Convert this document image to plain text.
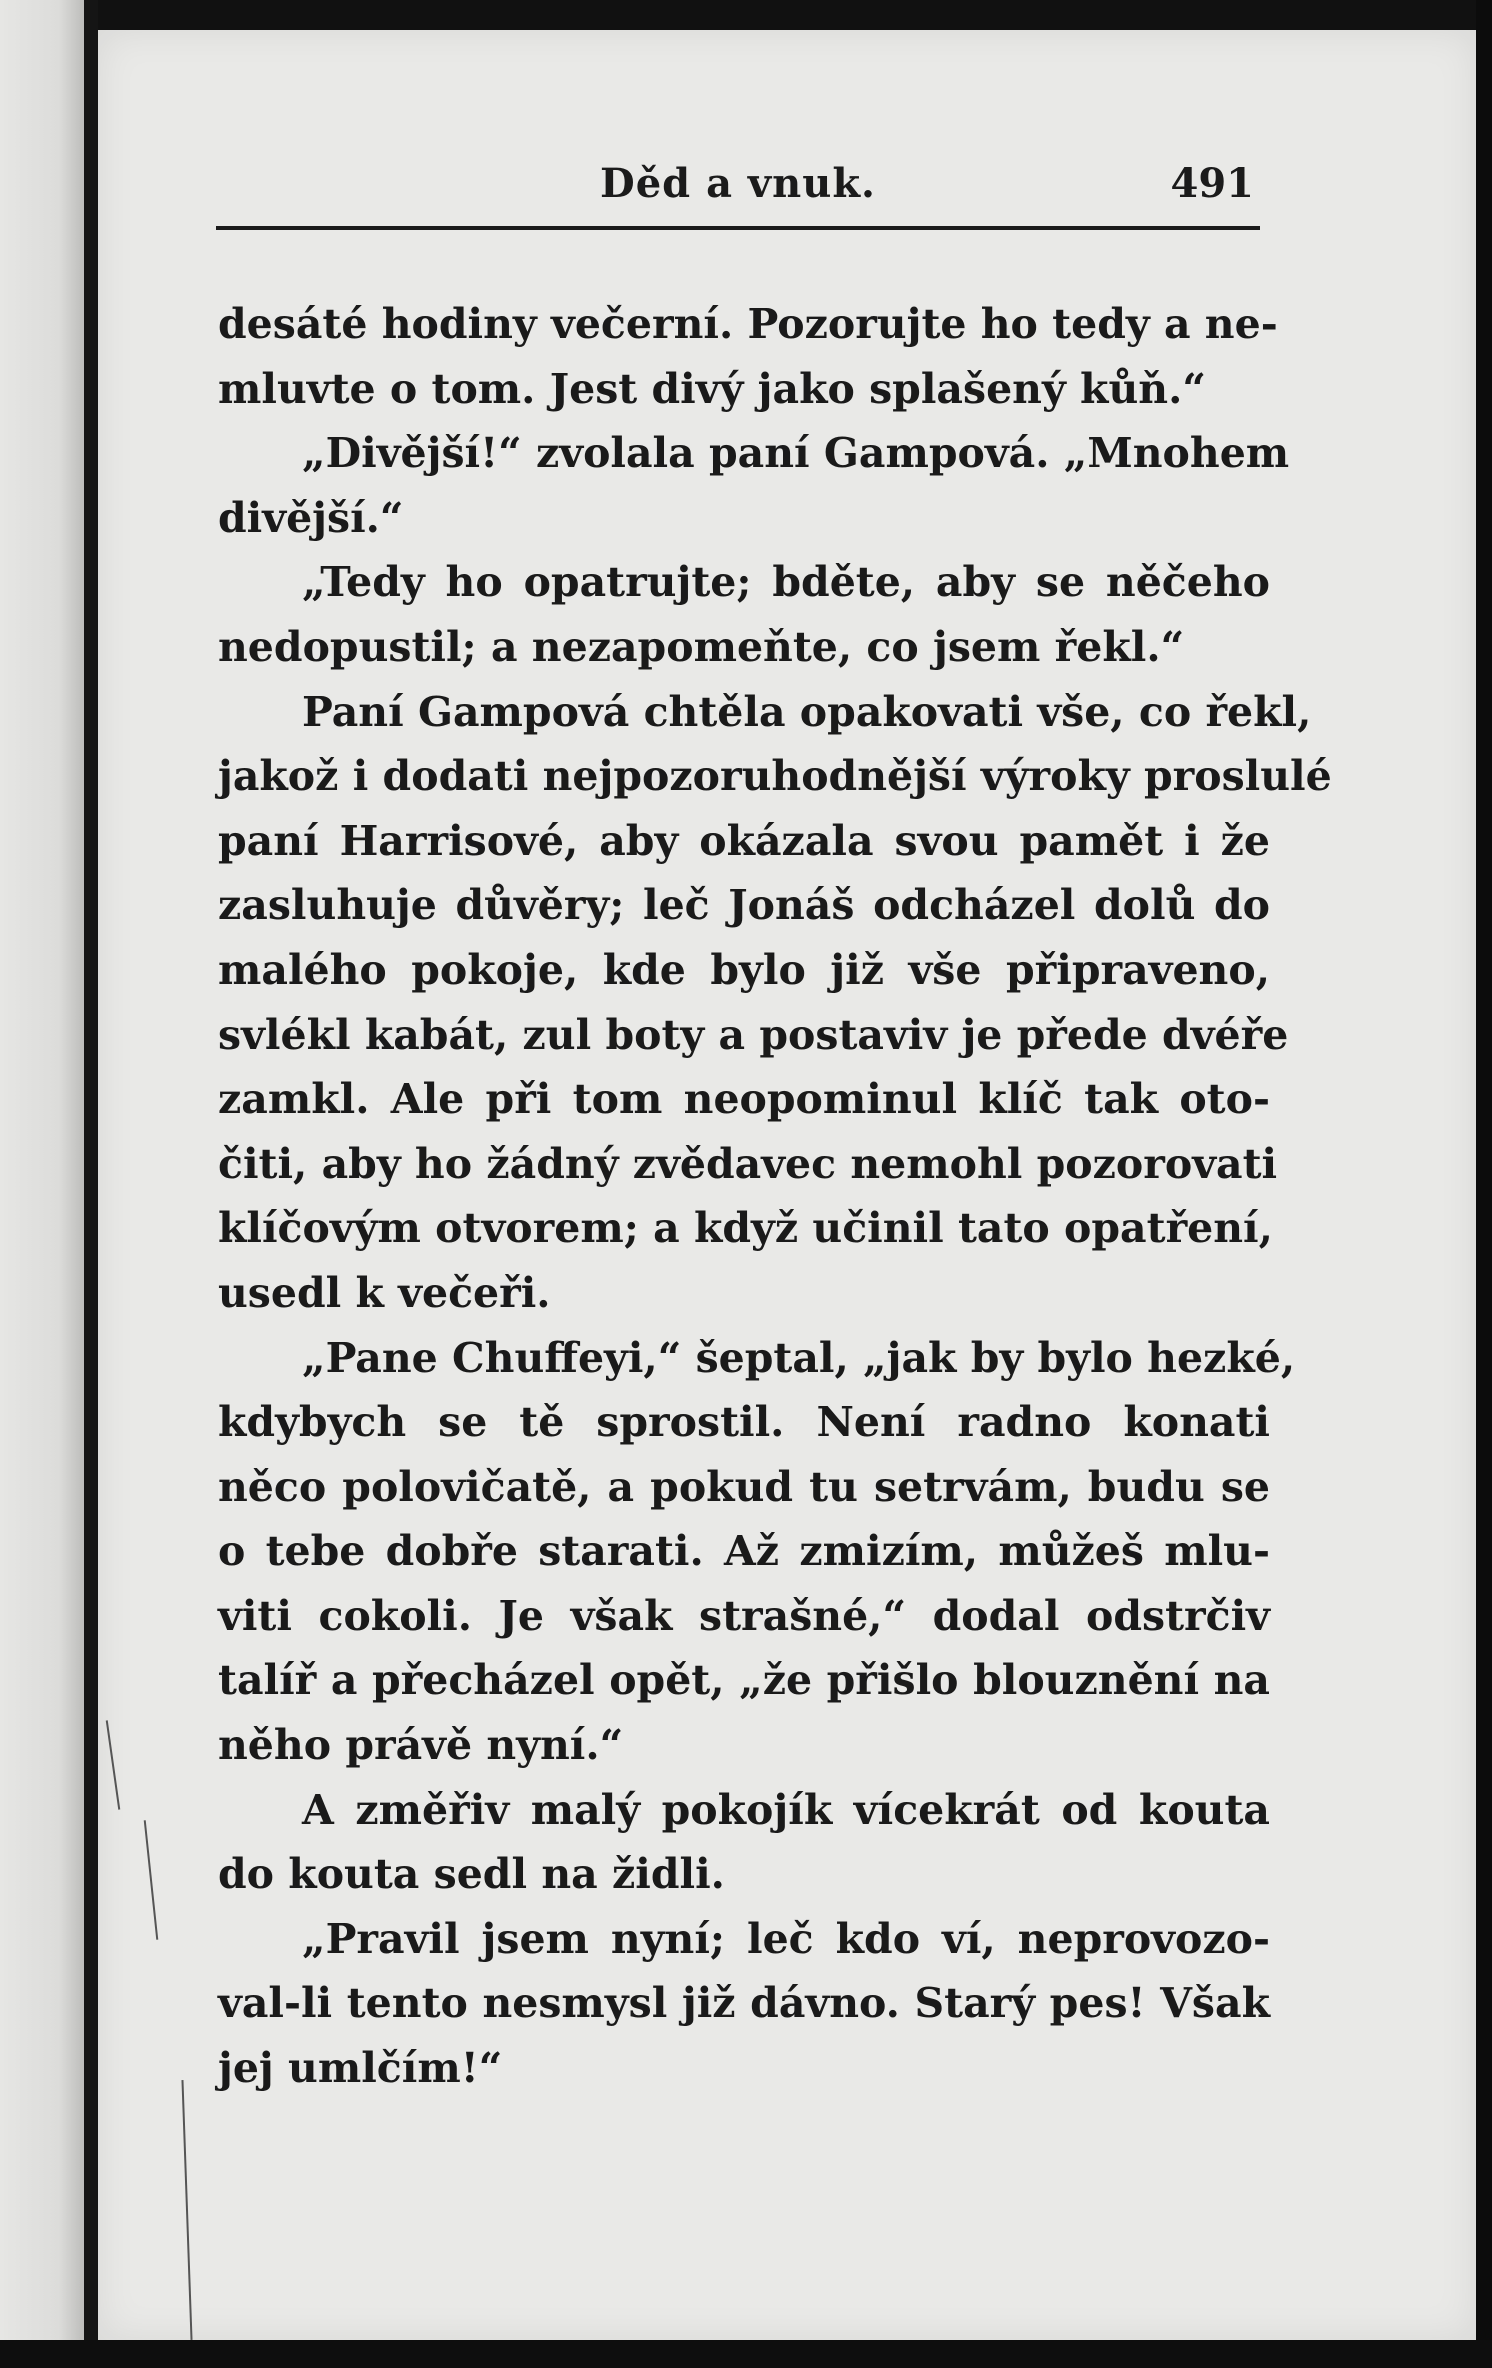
Děd a vnuk.	491
desáté hodiny večerní. Pozorujte ho tedy a ne-
mluvte o tom. Jest divý jako splašený kůň.“
„Divější!“ zvolala paní Gampová. „Mnohem
divější.“
„Tedy ho opatrujte; bděte, aby se něčeho
nedopustil; a nezapomeňte, co jsem řekl.“
Paní Gampová chtěla opakovati vše, co řekl,
jakož i dodati nejpozoruhodnější výroky proslulé
paní Harrisové, aby okázala svou pamět i že
zasluhuje důvěry; leč Jonáš odcházel dolů do
malého pokoje, kde bylo již vše připraveno,
svlékl kabát, zul boty a postaviv je přede dvéře
zamkl. Ale při tom neopominul klíč tak oto-
čiti, aby ho žádný zvědavec nemohl pozorovati
klíčovým otvorem; a když učinil tato opatření,
usedl k večeři.
„Pane Chuffeyi,“ šeptal, „jak by bylo hezké,
kdybych se tě sprostil. Není radno konati
něco polovičatě, a pokud tu setrvám, budu se
o tebe dobře starati. Až zmizím, můžeš mlu-
viti cokoli. Je však strašné,“ dodal odstrčiv
talíř a přecházel opět, „že přišlo blouznění na
něho právě nyní.“
A změřiv malý pokojík vícekrát od kouta
do kouta sedl na židli.
„Pravil jsem nyní; leč kdo ví, neprovozo-
val-li tento nesmysl již dávno. Starý pes! Však
jej umlčím!“
